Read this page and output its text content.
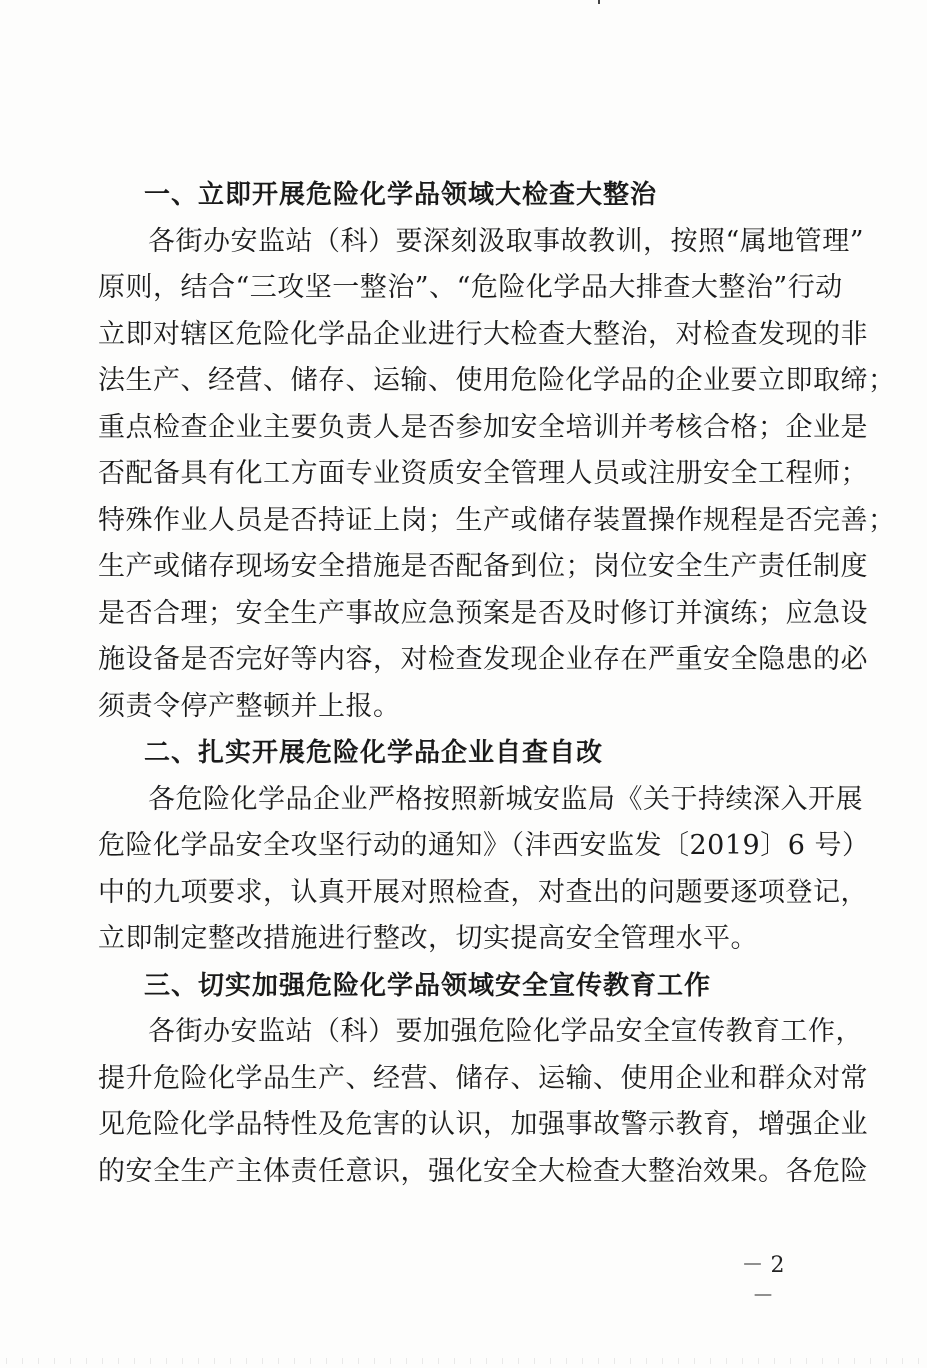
一、立即开展危险化学品领域大检查大整治
各街办安监站（科）要深刻汲取事故教训，按照“属地管理”
原则，结合“三攻坚一整治”、“危险化学品大排查大整治”行动
立即对辖区危险化学品企业进行大检查大整治，对检查发现的非
法生产、经营、储存、运输、使用危险化学品的企业要立即取缔；
重点检查企业主要负责人是否参加安全培训并考核合格；企业是
否配备具有化工方面专业资质安全管理人员或注册安全工程师；
特殊作业人员是否持证上岗；生产或储存装置操作规程是否完善；
生产或储存现场安全措施是否配备到位；岗位安全生产责任制度
是否合理；安全生产事故应急预案是否及时修订并演练；应急设
施设备是否完好等内容，对检查发现企业存在严重安全隐患的必
须责令停产整顿并上报。
二、扎实开展危险化学品企业自查自改
各危险化学品企业严格按照新城安监局《关于持续深入开展
危险化学品安全攻坚行动的通知》（沣西安监发〔2019〕6 号）
中的九项要求，认真开展对照检查，对查出的问题要逐项登记，
立即制定整改措施进行整改，切实提高安全管理水平。
三、切实加强危险化学品领域安全宣传教育工作
各街办安监站（科）要加强危险化学品安全宣传教育工作，
提升危险化学品生产、经营、储存、运输、使用企业和群众对常
见危险化学品特性及危害的认识，加强事故警示教育，增强企业
的安全生产主体责任意识，强化安全大检查大整治效果。各危险
－ 2 －
